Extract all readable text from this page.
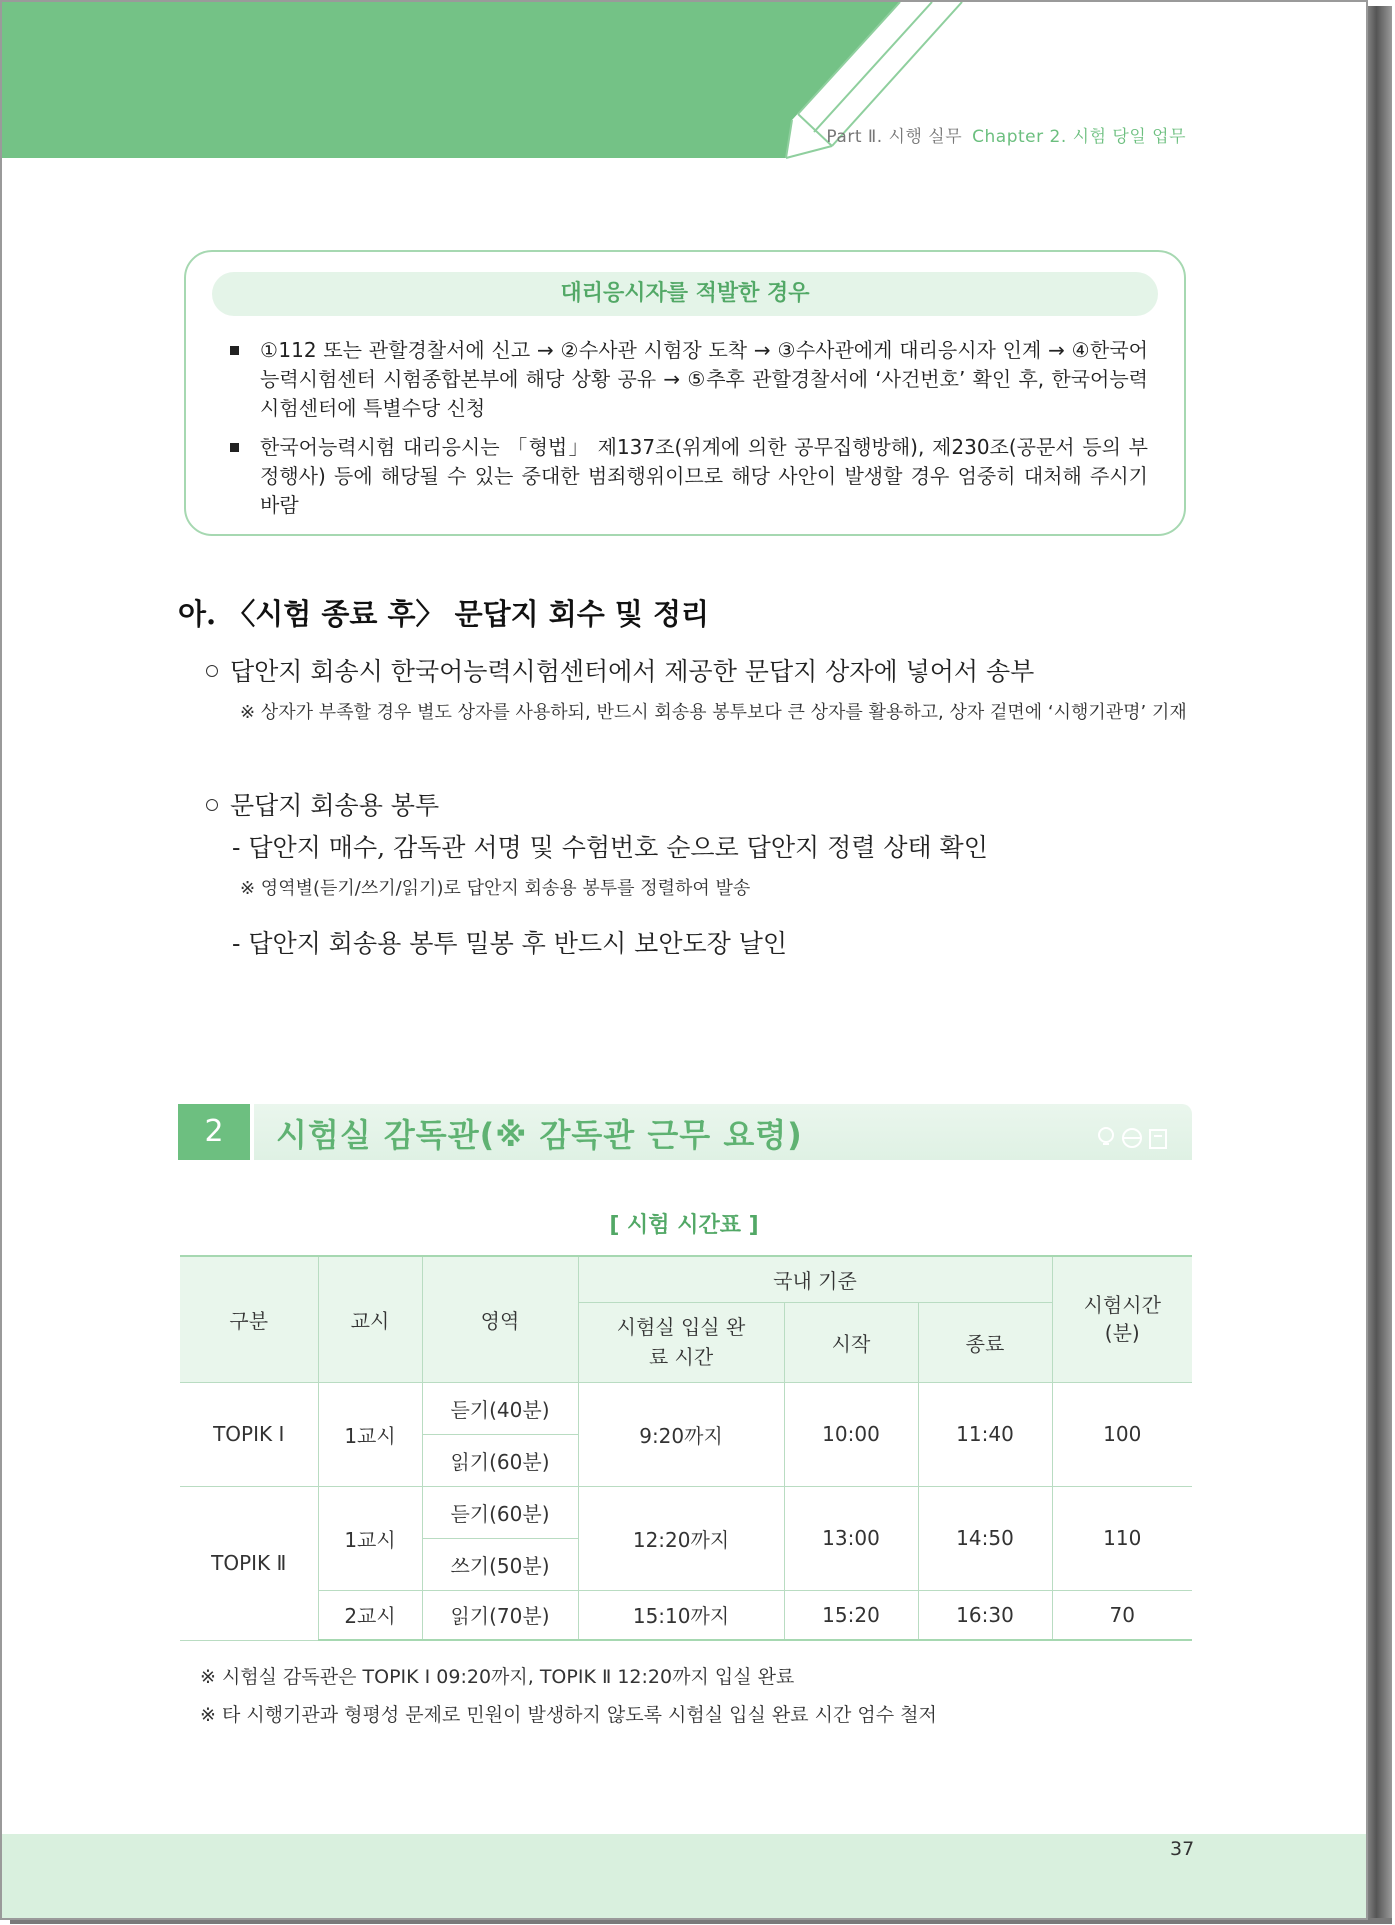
Part Ⅱ. 시행 실무 Chapter 2. 시험 당일 업무
대리응시자를 적발한 경우
①112 또는 관할경찰서에 신고 → ②수사관 시험장 도착 → ③수사관에게 대리응시자 인계 → ④한국어능력시험센터 시험종합본부에 해당 상황 공유 → ⑤추후 관할경찰서에 ‘사건번호’ 확인 후, 한국어능력시험센터에 특별수당 신청
한국어능력시험 대리응시는 「형법」 제137조(위계에 의한 공무집행방해), 제230조(공문서 등의 부정행사) 등에 해당될 수 있는 중대한 범죄행위이므로 해당 사안이 발생할 경우 엄중히 대처해 주시기 바람
아. 〈시험 종료 후〉 문답지 회수 및 정리
답안지 회송시 한국어능력시험센터에서 제공한 문답지 상자에 넣어서 송부
※ 상자가 부족할 경우 별도 상자를 사용하되, 반드시 회송용 봉투보다 큰 상자를 활용하고, 상자 겉면에 ‘시행기관명’ 기재
문답지 회송용 봉투
- 답안지 매수, 감독관 서명 및 수험번호 순으로 답안지 정렬 상태 확인
※ 영역별(듣기/쓰기/읽기)로 답안지 회송용 봉투를 정렬하여 발송
- 답안지 회송용 봉투 밀봉 후 반드시 보안도장 날인
2	시험실 감독관(※ 감독관 근무 요령)
[ 시험 시간표 ]
구분	교시	영역	국내 기준			시험시간 (분)
			시험실 입실 완료 시간	시작	종료	
TOPIK Ⅰ	1교시	듣기(40분)	9:20까지	10:00	11:40	100
		읽기(60분)				
TOPIK Ⅱ	1교시	듣기(60분)	12:20까지	13:00	14:50	110
		쓰기(50분)				
	2교시	읽기(70분)	15:10까지	15:20	16:30	70
※ 시험실 감독관은 TOPIK Ⅰ 09:20까지, TOPIK Ⅱ 12:20까지 입실 완료
※ 타 시행기관과 형평성 문제로 민원이 발생하지 않도록 시험실 입실 완료 시간 엄수 철저
37
